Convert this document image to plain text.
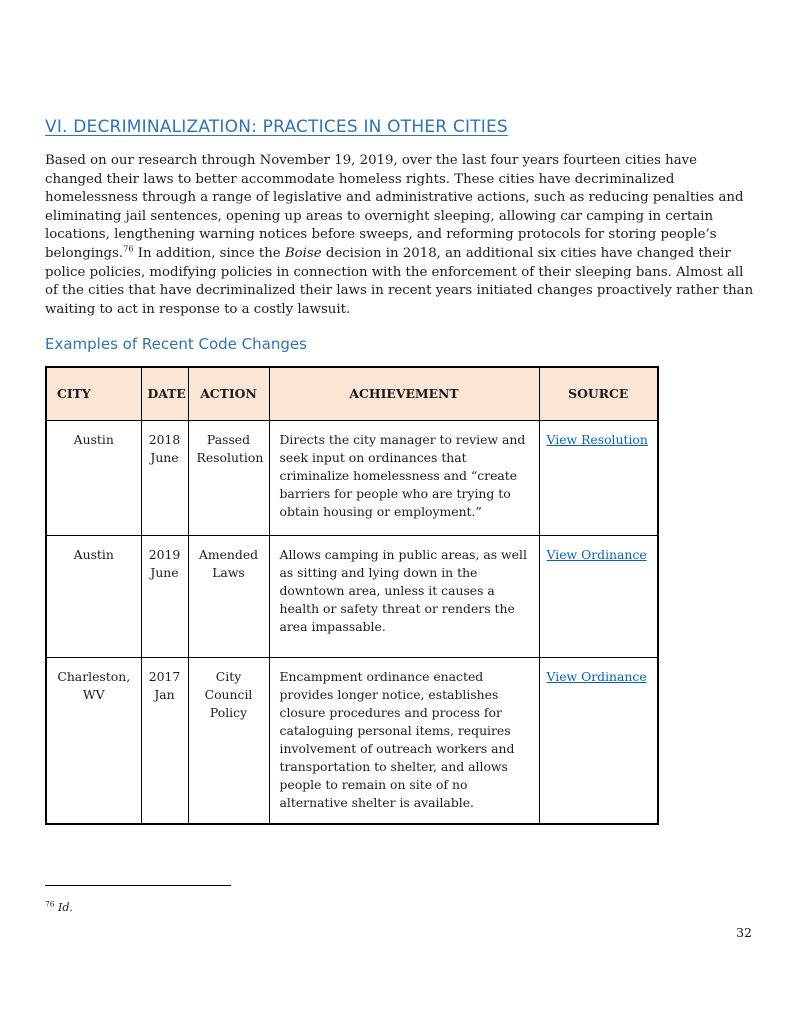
VI. DECRIMINALIZATION: PRACTICES IN OTHER CITIES

Based on our research through November 19, 2019, over the last four years fourteen cities have changed their laws to better accommodate homeless rights. These cities have decriminalized homelessness through a range of legislative and administrative actions, such as reducing penalties and eliminating jail sentences, opening up areas to overnight sleeping, allowing car camping in certain locations, lengthening warning notices before sweeps, and reforming protocols for storing people’s belongings.$^{76}$ In addition, since the Boise decision in 2018, an additional six cities have changed their police policies, modifying policies in connection with the enforcement of their sleeping bans. Almost all of the cities that have decriminalized their laws in recent years initiated changes proactively rather than waiting to act in response to a costly lawsuit.

Examples of Recent Code Changes
CITY	DATE	ACTION	ACHIEVEMENT	SOURCE
Austin	2018 June	Passed Resolution	Directs the city manager to review and seek input on ordinances that criminalize homelessness and “create barriers for people who are trying to obtain housing or employment.”	View Resolution
Austin	2019 June	Amended Laws	Allows camping in public areas, as well as sitting and lying down in the downtown area, unless it causes a health or safety threat or renders the area impassable.	View Ordinance
Charleston, WV	2017 Jan	City Council Policy	Encampment ordinance enacted provides longer notice, establishes closure procedures and process for cataloguing personal items, requires involvement of outreach workers and transportation to shelter, and allows people to remain on site of no alternative shelter is available.	View Ordinance

$^{76}$ Id.

32
